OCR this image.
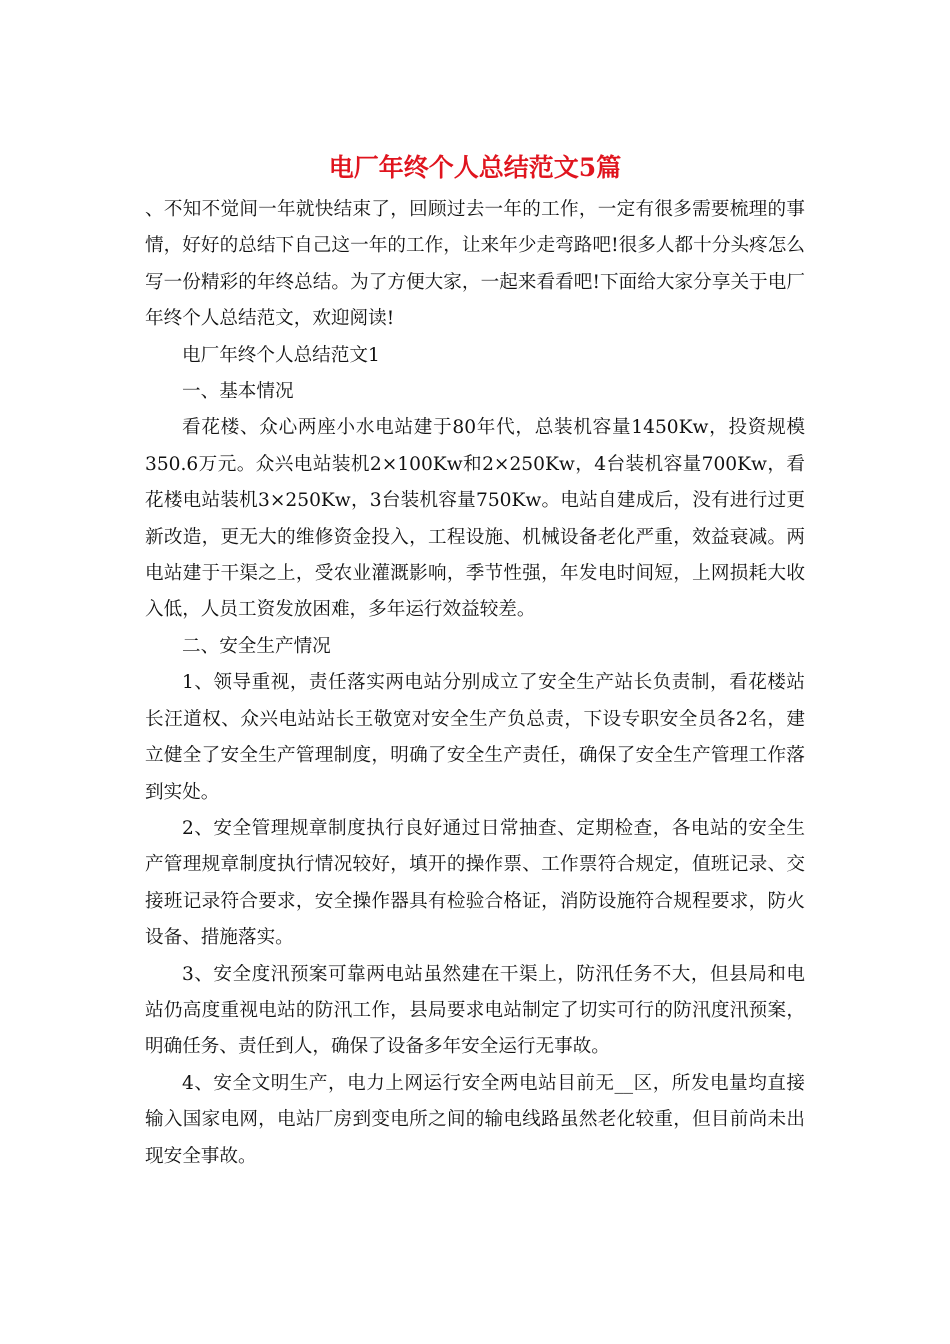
电厂年终个人总结范文5篇

、不知不觉间一年就快结束了，回顾过去一年的工作，一定有很多需要梳理的事情，好好的总结下自己这一年的工作，让来年少走弯路吧!很多人都十分头疼怎么写一份精彩的年终总结。为了方便大家，一起来看看吧!下面给大家分享关于电厂年终个人总结范文，欢迎阅读!

电厂年终个人总结范文1

一、基本情况

看花楼、众心两座小水电站建于80年代，总装机容量1450Kw，投资规模350.6万元。众兴电站装机2×100Kw和2×250Kw，4台装机容量700Kw，看花楼电站装机3×250Kw，3台装机容量750Kw。电站自建成后，没有进行过更新改造，更无大的维修资金投入，工程设施、机械设备老化严重，效益衰减。两电站建于干渠之上，受农业灌溉影响，季节性强，年发电时间短，上网损耗大收入低，人员工资发放困难，多年运行效益较差。

二、安全生产情况

1、领导重视，责任落实两电站分别成立了安全生产站长负责制，看花楼站长汪道权、众兴电站站长王敬宽对安全生产负总责，下设专职安全员各2名，建立健全了安全生产管理制度，明确了安全生产责任，确保了安全生产管理工作落到实处。

2、安全管理规章制度执行良好通过日常抽查、定期检查，各电站的安全生产管理规章制度执行情况较好，填开的操作票、工作票符合规定，值班记录、交接班记录符合要求，安全操作器具有检验合格证，消防设施符合规程要求，防火设备、措施落实。

3、安全度汛预案可靠两电站虽然建在干渠上，防汛任务不大，但县局和电站仍高度重视电站的防汛工作，县局要求电站制定了切实可行的防汛度汛预案，明确任务、责任到人，确保了设备多年安全运行无事故。

4、安全文明生产，电力上网运行安全两电站目前无__区，所发电量均直接输入国家电网，电站厂房到变电所之间的输电线路虽然老化较重，但目前尚未出现安全事故。
